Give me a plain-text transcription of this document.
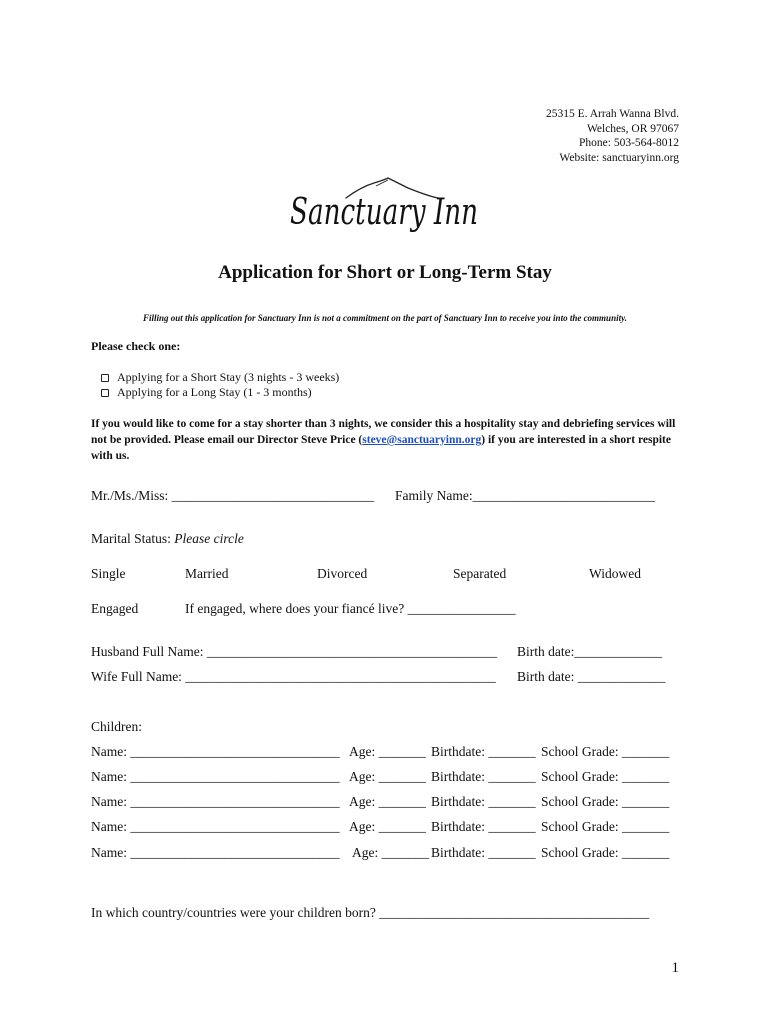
25315 E. Arrah Wanna Blvd.
Welches, OR 97067
Phone: 503-564-8012
Website: sanctuaryinn.org
Sanctuary Inn
Application for Short or Long-Term Stay
Filling out this application for Sanctuary Inn is not a commitment on the part of Sanctuary Inn to receive you into the community.
Please check one:
Applying for a Short Stay (3 nights - 3 weeks)
Applying for a Long Stay (1 - 3 months)
If you would like to come for a stay shorter than 3 nights, we consider this a hospitality stay and debriefing services will not be provided. Please email our Director Steve Price (steve@sanctuaryinn.org) if you are interested in a short respite with us.
Mr./Ms./Miss: ______________________________ Family Name:___________________________
Marital Status: Please circle
Single	Married	Divorced	Separated	Widowed
Engaged	If engaged, where does your fiancé live? ________________
Husband Full Name: ___________________________________________ Birth date:_____________
Wife Full Name: ______________________________________________ Birth date: _____________
Children:
Name: _______________________________ Age: _______ Birthdate: _______ School Grade: _______
Name: _______________________________ Age: _______ Birthdate: _______ School Grade: _______
Name: _______________________________ Age: _______ Birthdate: _______ School Grade: _______
Name: _______________________________ Age: _______ Birthdate: _______ School Grade: _______
Name: _______________________________ Age: _______ Birthdate: _______ School Grade: _______
In which country/countries were your children born? ________________________________________
1
